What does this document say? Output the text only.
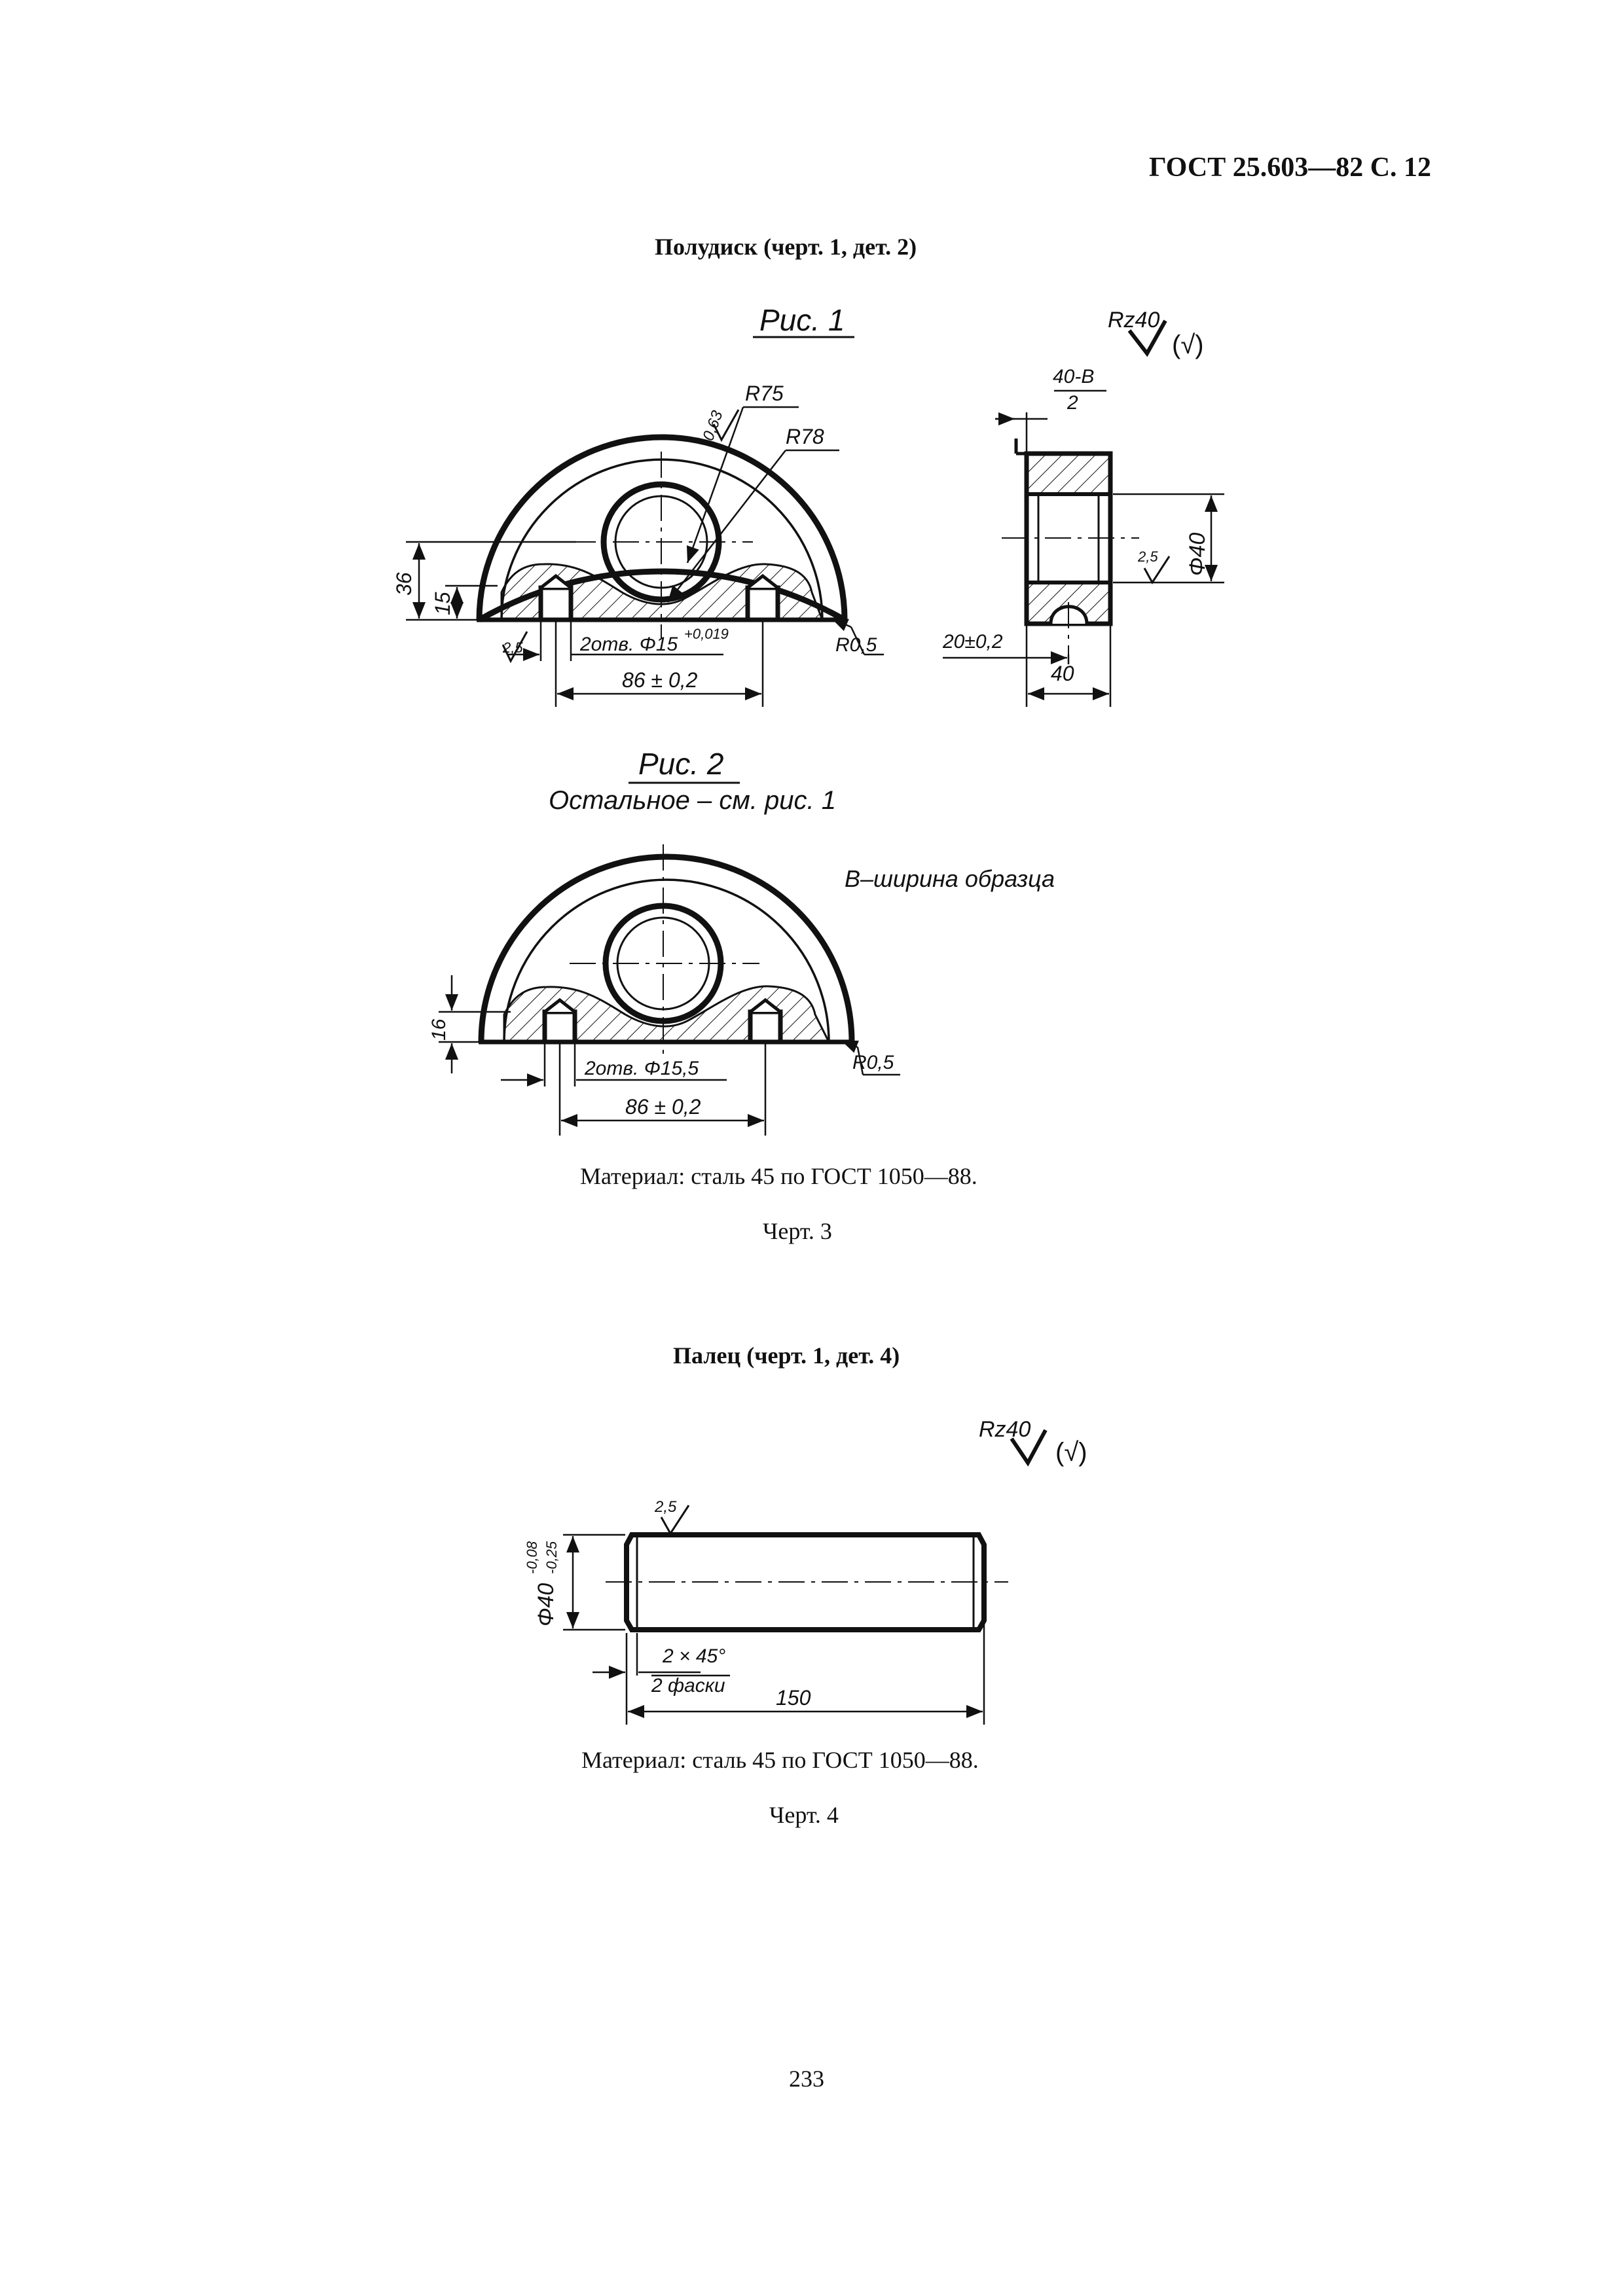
ГОСТ 25.603—82 С. 12
Полудиск (черт. 1, дет. 2)
Рис. 1	Rz40
(√)
R75
R78
0,63
36
15
2,5	2отв. Φ15 +0,019
R0,5
86 ± 0,2
40-B
2
Φ40
2,5
20±0,2
40
Рис. 2
Остальное – см. рис. 1
B–ширина образца
16
2отв. Φ15,5	R0,5
86 ± 0,2
Rz40
(√)
2,5
Φ40
-0,08 -0,25
2 × 45°
2 фаски
150
Материал: сталь 45 по ГОСТ 1050—88.
Черт. 3
Палец (черт. 1, дет. 4)
Материал: сталь 45 по ГОСТ 1050—88.
Черт. 4
233
